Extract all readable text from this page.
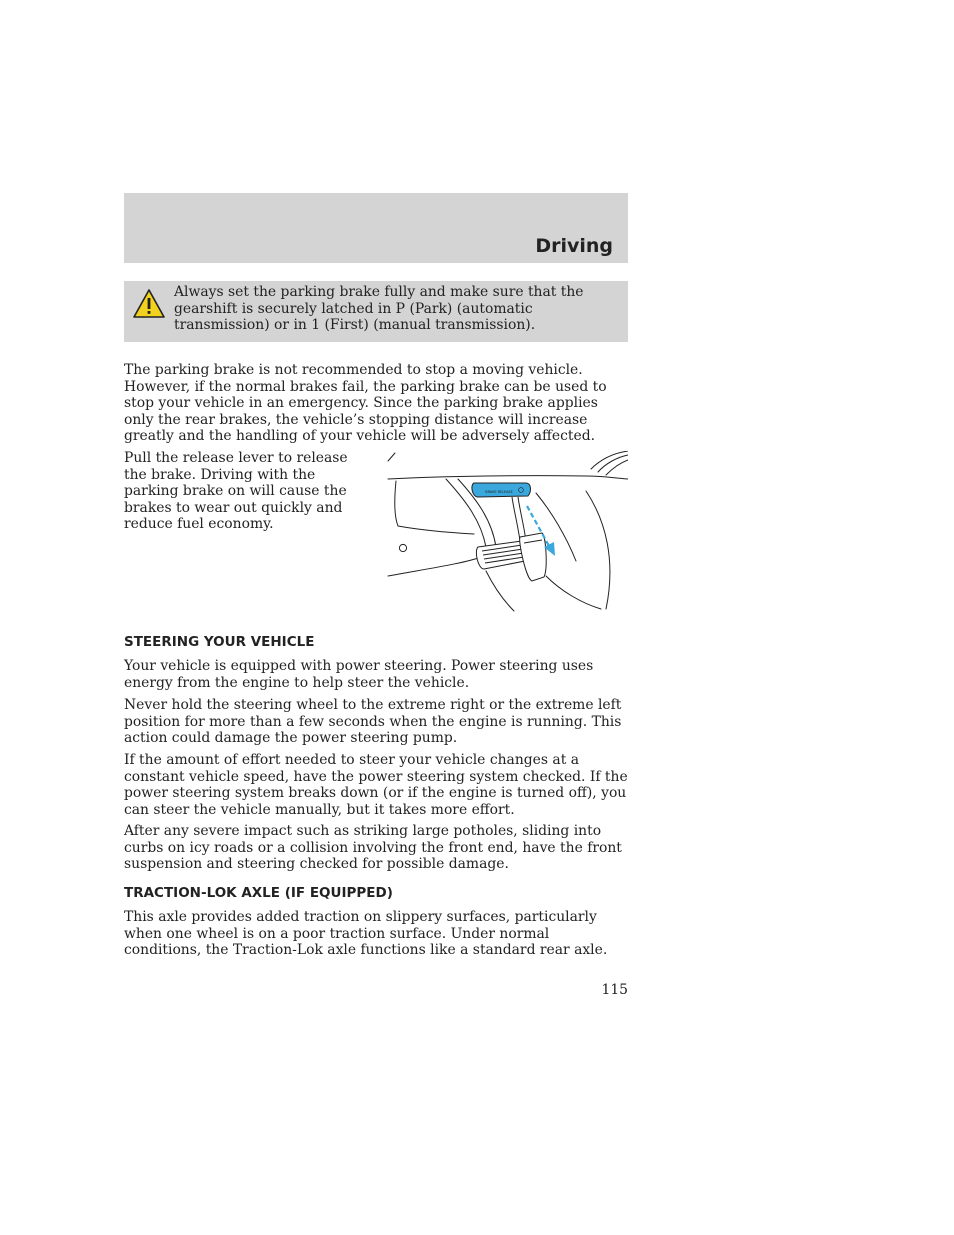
Driving

Always set the parking brake fully and make sure that the gearshift is securely latched in P (Park) (automatic transmission) or in 1 (First) (manual transmission).

The parking brake is not recommended to stop a moving vehicle. However, if the normal brakes fail, the parking brake can be used to stop your vehicle in an emergency. Since the parking brake applies only the rear brakes, the vehicle’s stopping distance will increase greatly and the handling of your vehicle will be adversely affected.

Pull the release lever to release the brake. Driving with the parking brake on will cause the brakes to wear out quickly and reduce fuel economy.

BRAKE RELEASE
STEERING YOUR VEHICLE

Your vehicle is equipped with power steering. Power steering uses energy from the engine to help steer the vehicle.

Never hold the steering wheel to the extreme right or the extreme left position for more than a few seconds when the engine is running. This action could damage the power steering pump.

If the amount of effort needed to steer your vehicle changes at a constant vehicle speed, have the power steering system checked. If the power steering system breaks down (or if the engine is turned off), you can steer the vehicle manually, but it takes more effort.

After any severe impact such as striking large potholes, sliding into curbs on icy roads or a collision involving the front end, have the front suspension and steering checked for possible damage.

TRACTION-LOK AXLE (IF EQUIPPED)

This axle provides added traction on slippery surfaces, particularly when one wheel is on a poor traction surface. Under normal conditions, the Traction-Lok axle functions like a standard rear axle.

115
